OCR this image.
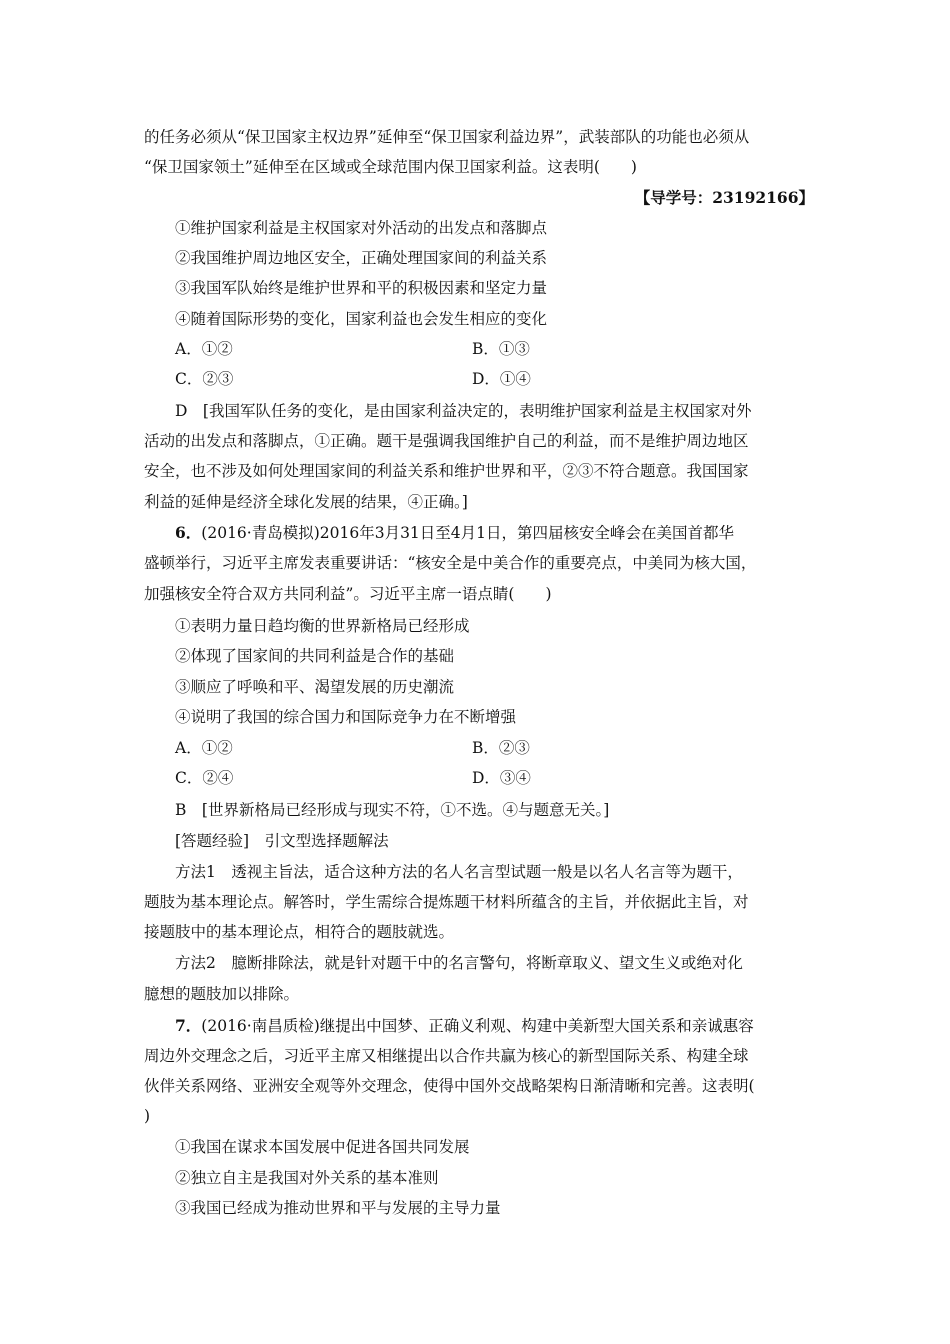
的任务必须从“保卫国家主权边界”延伸至“保卫国家利益边界”，武装部队的功能也必须从
“保卫国家领土”延伸至在区域或全球范围内保卫国家利益。这表明(　　)
【导学号：23192166】
①维护国家利益是主权国家对外活动的出发点和落脚点
②我国维护周边地区安全，正确处理国家间的利益关系
③我国军队始终是维护世界和平的积极因素和坚定力量
④随着国际形势的变化，国家利益也会发生相应的变化
A．①②	B．①③
C．②③	D．①④
D　[我国军队任务的变化，是由国家利益决定的，表明维护国家利益是主权国家对外
活动的出发点和落脚点，①正确。题干是强调我国维护自己的利益，而不是维护周边地区
安全，也不涉及如何处理国家间的利益关系和维护世界和平，②③不符合题意。我国国家
利益的延伸是经济全球化发展的结果，④正确。]
6．(2016·青岛模拟)2016年3月31日至4月1日，第四届核安全峰会在美国首都华
盛顿举行，习近平主席发表重要讲话：“核安全是中美合作的重要亮点，中美同为核大国，
加强核安全符合双方共同利益”。习近平主席一语点睛(　　)
①表明力量日趋均衡的世界新格局已经形成
②体现了国家间的共同利益是合作的基础
③顺应了呼唤和平、渴望发展的历史潮流
④说明了我国的综合国力和国际竞争力在不断增强
A．①②	B．②③
C．②④	D．③④
B　[世界新格局已经形成与现实不符，①不选。④与题意无关。]
[答题经验]　引文型选择题解法
方法1　透视主旨法，适合这种方法的名人名言型试题一般是以名人名言等为题干，
题肢为基本理论点。解答时，学生需综合提炼题干材料所蕴含的主旨，并依据此主旨，对
接题肢中的基本理论点，相符合的题肢就选。
方法2　臆断排除法，就是针对题干中的名言警句，将断章取义、望文生义或绝对化
臆想的题肢加以排除。
7．(2016·南昌质检)继提出中国梦、正确义利观、构建中美新型大国关系和亲诚惠容
周边外交理念之后，习近平主席又相继提出以合作共赢为核心的新型国际关系、构建全球
伙伴关系网络、亚洲安全观等外交理念，使得中国外交战略架构日渐清晰和完善。这表明(
)
①我国在谋求本国发展中促进各国共同发展
②独立自主是我国对外关系的基本准则
③我国已经成为推动世界和平与发展的主导力量
